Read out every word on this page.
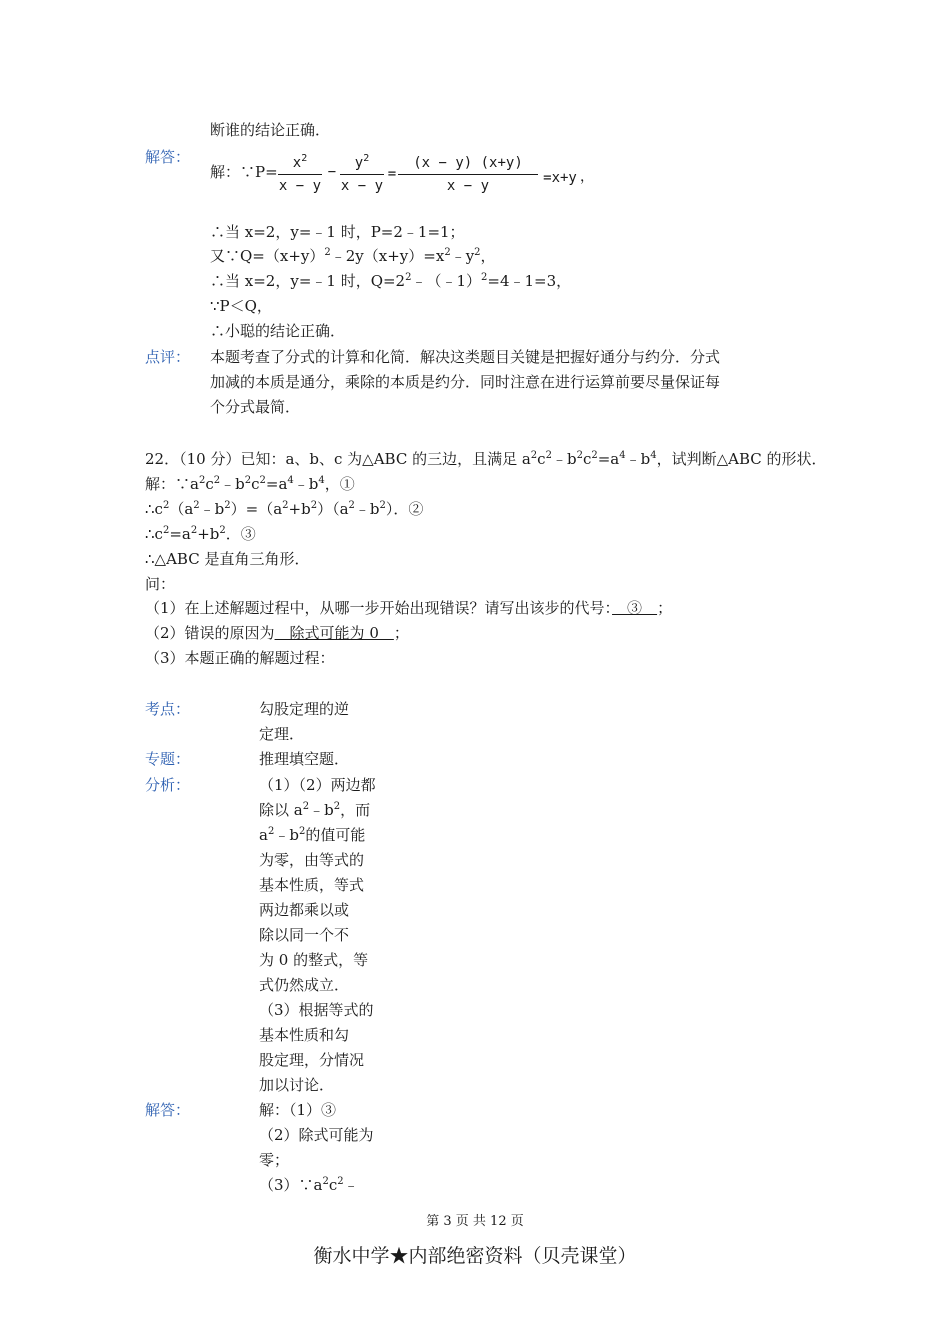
断谁的结论正确．
解答：
解：∵P=	$x^2$
x − y
−
$y^2$
x − y
=
(x − y) (x+y)
x − y	=x+y ，
∴当 x=2，y=﹣1 时，P=2﹣1=1；
又$\because Q=(x+y)^2﹣2y(x+y)=x^2﹣y^2$，
∴当 x=2，y=﹣1 时，$Q=2^2﹣(﹣1)^2=4﹣1=3$，
∵P＜Q，
∴小聪的结论正确．
点评： 本题考查了分式的计算和化简．解决这类题目关键是把握好通分与约分．分式
加减的本质是通分，乘除的本质是约分．同时注意在进行运算前要尽量保证每
个分式最简．
22．（10 分）已知：a、b、c 为△ABC 的三边，且满足 $a^2c^2﹣b^2c^2=a^4﹣b^4$，试判断△ABC 的形状．
解：$\because a^2c^2﹣b^2c^2=a^4﹣b^4$，①
$\therefore c^2(a^2﹣b^2)=(a^2+b^2)(a^2﹣b^2)$．②
$\therefore c^2=a^2+b^2$．③
∴△ABC 是直角三角形．
问：
（1）在上述解题过程中，从哪一步开始出现错误？请写出该步的代号：　③　；
（2）错误的原因为　除式可能为 0　；
（3）本题正确的解题过程：
考点：	勾股定理的逆
定理．
专题：	推理填空题．
分析：	（1）（2）两边都
除以 $a^2﹣b^2$，而
$a^2﹣b^2$的值可能
为零，由等式的
基本性质，等式
两边都乘以或
除以同一个不
为 0 的整式，等
式仍然成立．
（3）根据等式的
基本性质和勾
股定理，分情况
加以讨论．
解答：	解：（1）③
（2）除式可能为
零；
$(3)\because a^2c^2﹣$
第 3 页 共 12 页
衡水中学★内部绝密资料（贝壳课堂）
